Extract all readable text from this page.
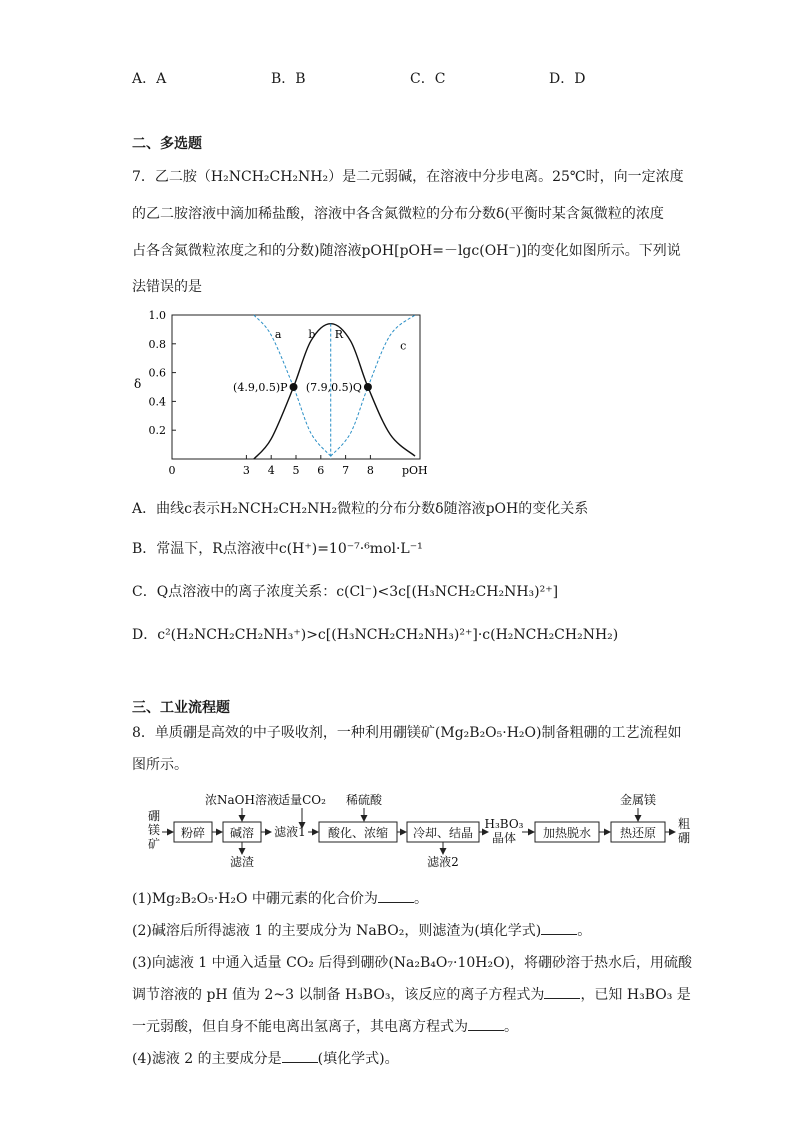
A．A	B．B	C．C	D．D
二、多选题
7．乙二胺（H₂NCH₂CH₂NH₂）是二元弱碱，在溶液中分步电离。25℃时，向一定浓度
的乙二胺溶液中滴加稀盐酸，溶液中各含氮微粒的分布分数δ(平衡时某含氮微粒的浓度
占各含氮微粒浓度之和的分数)随溶液pOH[pOH=－lgc(OH⁻)]的变化如图所示。下列说
法错误的是
0	3 4 5 6 7 8	pOH
0.2
0.4
0.6
0.8
1.0
δ
R
a b
c
(4.9,0.5)P (7.9,0.5)Q
A．曲线c表示H₂NCH₂CH₂NH₂微粒的分布分数δ随溶液pOH的变化关系
B．常温下，R点溶液中c(H⁺)=10⁻⁷·⁶mol·L⁻¹
C．Q点溶液中的离子浓度关系：c(Cl⁻)<3c[(H₃NCH₂CH₂NH₃)²⁺]
D．c²(H₂NCH₂CH₂NH₃⁺)>c[(H₃NCH₂CH₂NH₃)²⁺]·c(H₂NCH₂CH₂NH₂)
三、工业流程题
8．单质硼是高效的中子吸收剂，一种利用硼镁矿(Mg₂B₂O₅·H₂O)制备粗硼的工艺流程如
图所示。
硼
镁
矿
粉碎 碱溶
浓NaOH溶液
滤渣
滤液1
适量CO₂ 稀硫酸
酸化、浓缩 冷却、结晶
滤液2
H₃BO₃
晶体 加热脱水 热还原
金属镁
粗
硼
(1)Mg₂B₂O₅·H₂O 中硼元素的化合价为	。
(2)碱溶后所得滤液 1 的主要成分为 NaBO₂，则滤渣为(填化学式)	。
(3)向滤液 1 中通入适量 CO₂ 后得到硼砂(Na₂B₄O₇·10H₂O)，将硼砂溶于热水后，用硫酸
调节溶液的 pH 值为 2~3 以制备 H₃BO₃，该反应的离子方程式为	，已知 H₃BO₃ 是
一元弱酸，但自身不能电离出氢离子，其电离方程式为	。
(4)滤液 2 的主要成分是	(填化学式)。
